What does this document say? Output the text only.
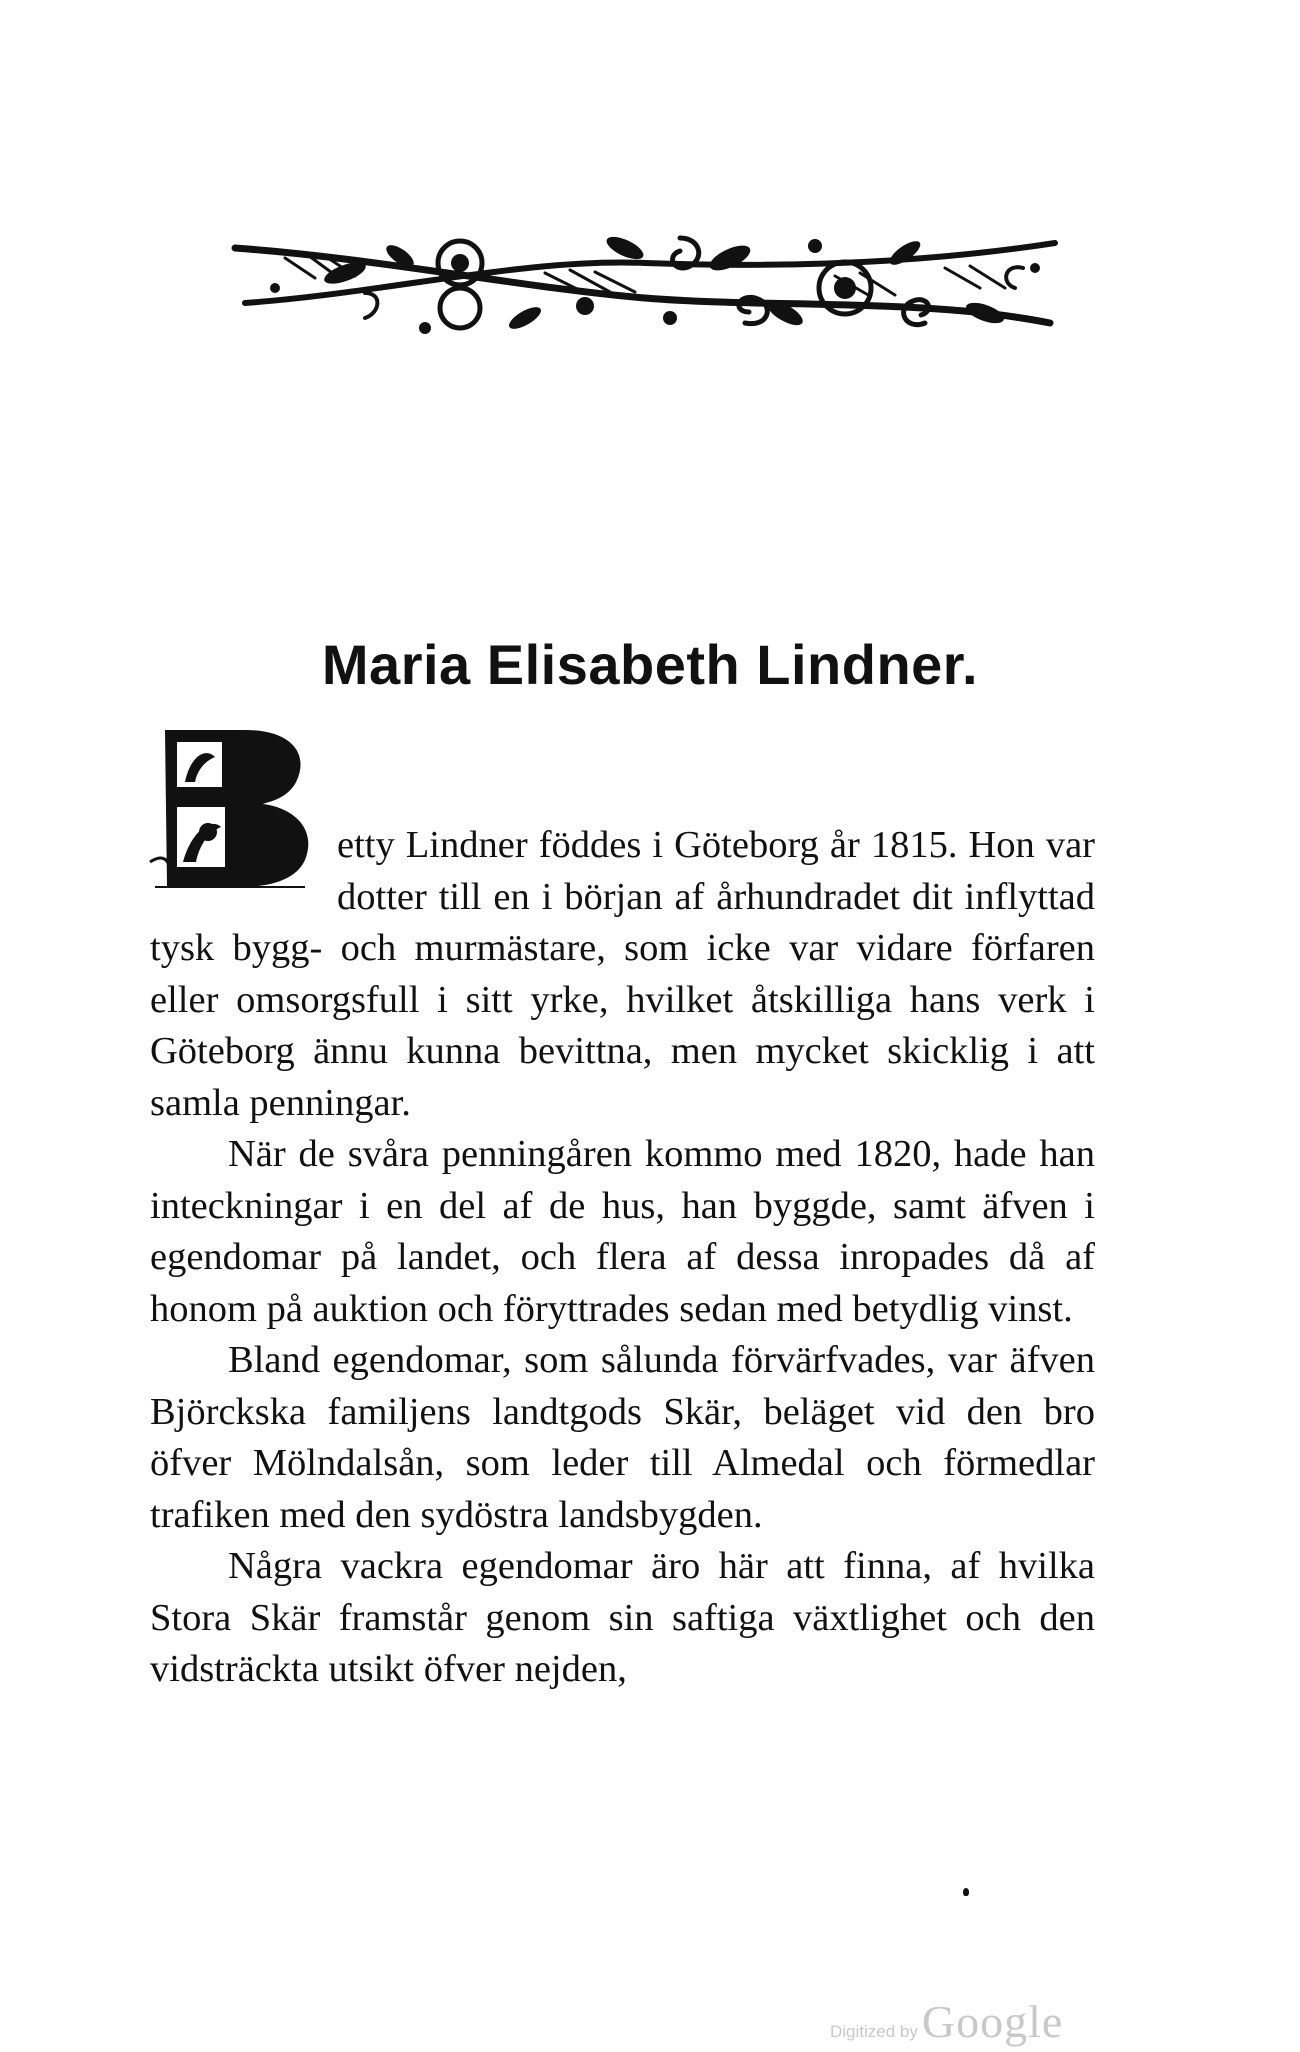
Maria Elisabeth Lindner.

etty Lindner föddes i Göteborg år 1815. Hon var dotter till en i början af århundradet dit inflyttad tysk bygg- och murmästare, som icke var vidare förfaren eller omsorgsfull i sitt yrke, hvilket åtskilliga hans verk i Göteborg ännu kunna bevittna, men mycket skicklig i att samla penningar.

När de svåra penningåren kommo med 1820, hade han inteckningar i en del af de hus, han byggde, samt äfven i egendomar på landet, och flera af dessa inropades då af honom på auktion och föryttrades sedan med betydlig vinst.

Bland egendomar, som sålunda förvärfvades, var äfven Björckska familjens landtgods Skär, beläget vid den bro öfver Mölndalsån, som leder till Almedal och förmedlar trafiken med den sydöstra landsbygden.

Några vackra egendomar äro här att finna, af hvilka Stora Skär framstår genom sin saftiga växtlighet och den vidsträckta utsikt öfver nejden,

Digitized byGoogle
